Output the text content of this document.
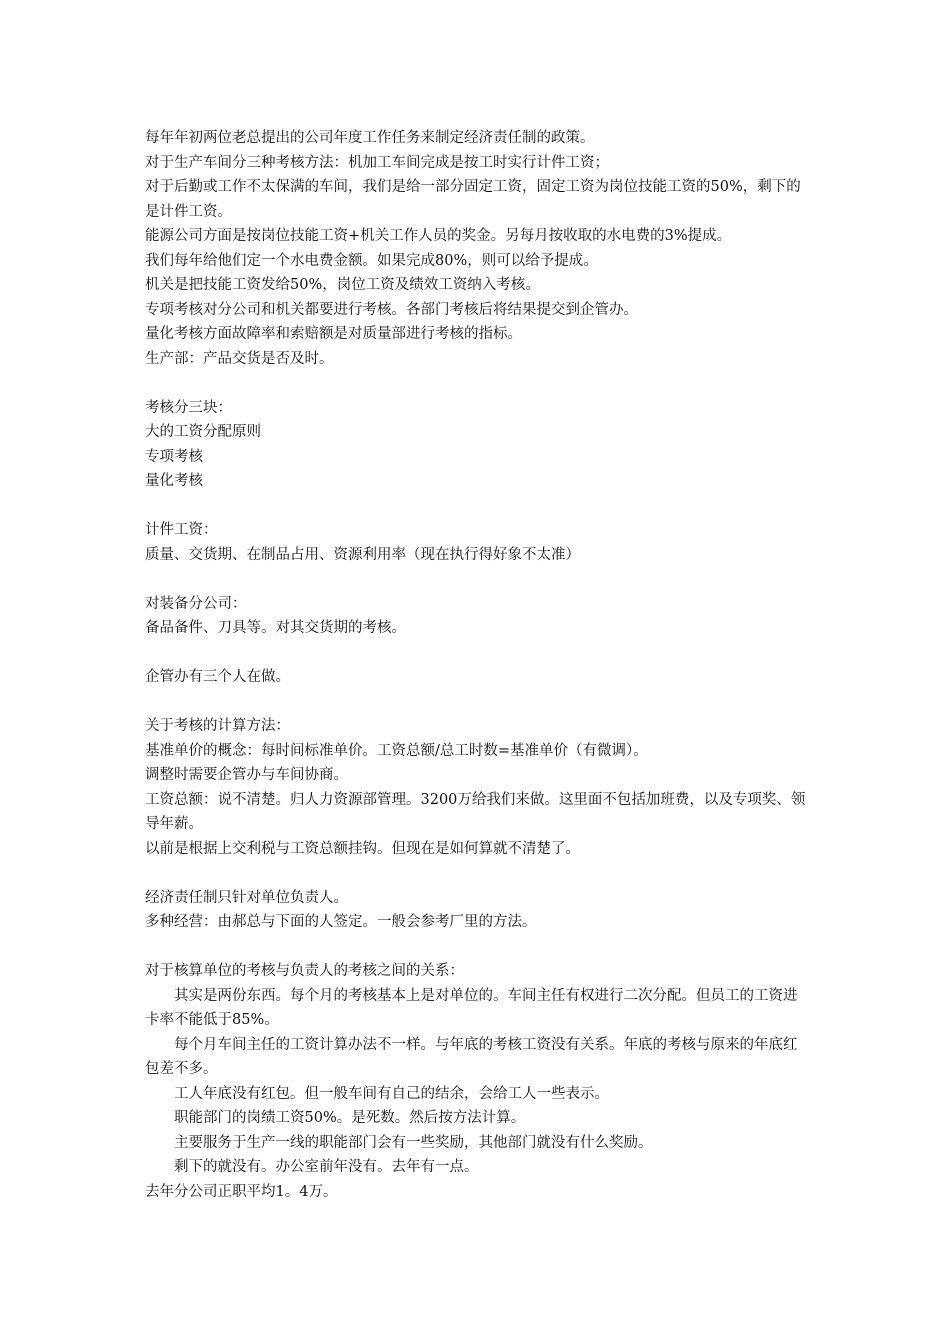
每年年初两位老总提出的公司年度工作任务来制定经济责任制的政策。

对于生产车间分三种考核方法：机加工车间完成是按工时实行计件工资；

对于后勤或工作不太保满的车间，我们是给一部分固定工资，固定工资为岗位技能工资的50%，剩下的是计件工资。

能源公司方面是按岗位技能工资+机关工作人员的奖金。另每月按收取的水电费的3%提成。

我们每年给他们定一个水电费金额。如果完成80%，则可以给予提成。

机关是把技能工资发给50%，岗位工资及绩效工资纳入考核。

专项考核对分公司和机关都要进行考核。各部门考核后将结果提交到企管办。

量化考核方面故障率和索赔额是对质量部进行考核的指标。

生产部：产品交货是否及时。

考核分三块：

大的工资分配原则

专项考核

量化考核

计件工资：

质量、交货期、在制品占用、资源利用率（现在执行得好象不太准）

对装备分公司：

备品备件、刀具等。对其交货期的考核。

企管办有三个人在做。

关于考核的计算方法：

基准单价的概念：每时间标准单价。工资总额/总工时数=基准单价（有微调）。

调整时需要企管办与车间协商。

工资总额：说不清楚。归人力资源部管理。3200万给我们来做。这里面不包括加班费，以及专项奖、领导年薪。

以前是根据上交利税与工资总额挂钩。但现在是如何算就不清楚了。

经济责任制只针对单位负责人。

多种经营：由郝总与下面的人签定。一般会参考厂里的方法。

对于核算单位的考核与负责人的考核之间的关系：

其实是两份东西。每个月的考核基本上是对单位的。车间主任有权进行二次分配。但员工的工资进卡率不能低于85%。

每个月车间主任的工资计算办法不一样。与年底的考核工资没有关系。年底的考核与原来的年底红包差不多。

工人年底没有红包。但一般车间有自己的结余，会给工人一些表示。

职能部门的岗绩工资50%。是死数。然后按方法计算。

主要服务于生产一线的职能部门会有一些奖励，其他部门就没有什么奖励。

剩下的就没有。办公室前年没有。去年有一点。

去年分公司正职平均1。4万。
